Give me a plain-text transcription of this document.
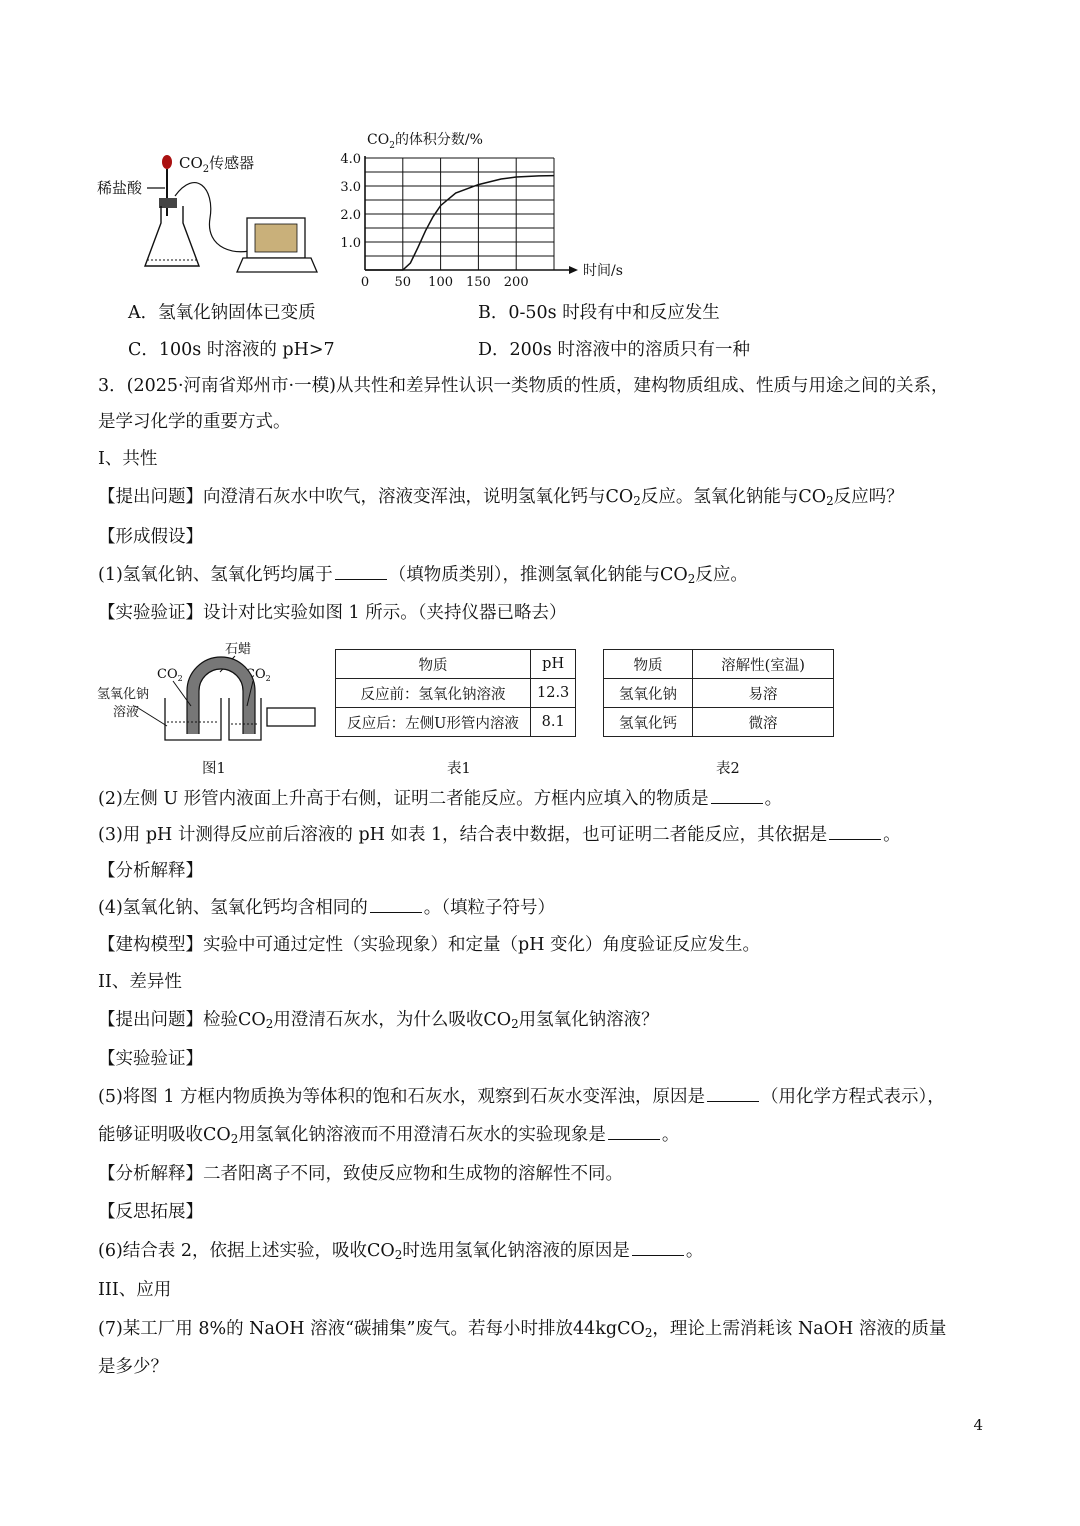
稀盐酸
$CO_2$传感器
$CO_2$的体积分数/%
0 50 100 150 200
1.0
2.0
3.0
4.0
时间/s
A．氢氧化钠固体已变质	B．0-50s 时段有中和反应发生
C．100s 时溶液的 pH>7	D．200s 时溶液中的溶质只有一种
3．(2025·河南省郑州市·一模)从共性和差异性认识一类物质的性质，建构物质组成、性质与用途之间的关系，
是学习化学的重要方式。
I、共性
【提出问题】向澄清石灰水中吹气，溶液变浑浊，说明氢氧化钙与$CO_2$反应。氢氧化钠能与$CO_2$反应吗？
【形成假设】
(1)氢氧化钠、氢氧化钙均属于	（填物质类别），推测氢氧化钠能与$CO_2$反应。
【实验验证】设计对比实验如图 1 所示。（夹持仪器已略去）
石蜡
$CO_2$	$CO_2$
氢氧化钠
溶液
图1
物质	pH
反应前：氢氧化钠溶液	12.3
反应后：左侧U形管内溶液	8.1
表1
物质	溶解性(室温)
氢氧化钠	易溶
氢氧化钙	微溶
表2
(2)左侧 U 形管内液面上升高于右侧，证明二者能反应。方框内应填入的物质是	。
(3)用 pH 计测得反应前后溶液的 pH 如表 1，结合表中数据，也可证明二者能反应，其依据是	。
【分析解释】
(4)氢氧化钠、氢氧化钙均含相同的	。（填粒子符号）
【建构模型】实验中可通过定性（实验现象）和定量（pH 变化）角度验证反应发生。
II、差异性
【提出问题】检验$CO_2$用澄清石灰水，为什么吸收$CO_2$用氢氧化钠溶液？
【实验验证】
(5)将图 1 方框内物质换为等体积的饱和石灰水，观察到石灰水变浑浊，原因是	（用化学方程式表示），
能够证明吸收$CO_2$用氢氧化钠溶液而不用澄清石灰水的实验现象是	。
【分析解释】二者阳离子不同，致使反应物和生成物的溶解性不同。
【反思拓展】
(6)结合表 2，依据上述实验，吸收$CO_2$时选用氢氧化钠溶液的原因是	。
III、应用
(7)某工厂用 8%的 NaOH 溶液“碳捕集”废气。若每小时排放44kgCO$_2$，理论上需消耗该 NaOH 溶液的质量
是多少？
4
